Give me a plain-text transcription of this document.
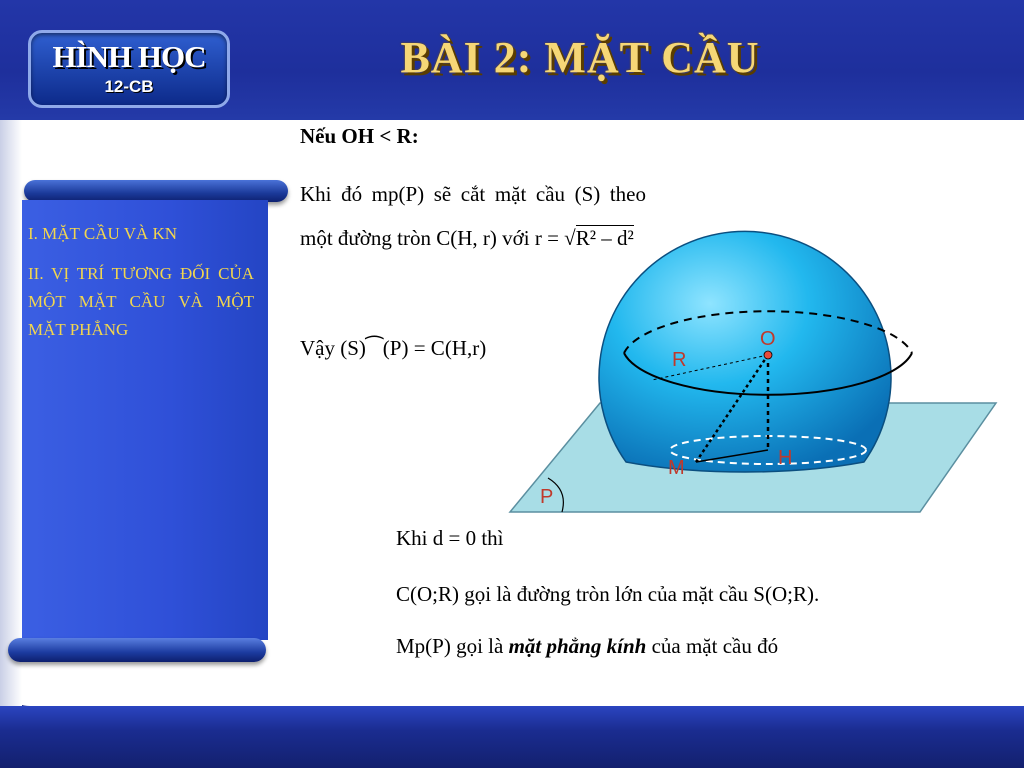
HÌNH HỌC
12-CB
BÀI 2: MẶT CẦU
I. MẶT CẦU VÀ KN
II. VỊ TRÍ TƯƠNG ĐỐI CỦA MỘT MẶT CẦU VÀ MỘT MẶT PHẲNG
Nếu OH < R:
Khi đó mp(P) sẽ cắt mặt cầu (S) theo một đường tròn C(H, r) với r = √R² – d²
Vậy (S)⁀(P) = C(H,r)
Khi d = 0 thì
C(O;R) gọi là đường tròn lớn của mặt cầu S(O;R).
Mp(P) gọi là mặt phẳng kính của mặt cầu đó
O
R
M	H
P
